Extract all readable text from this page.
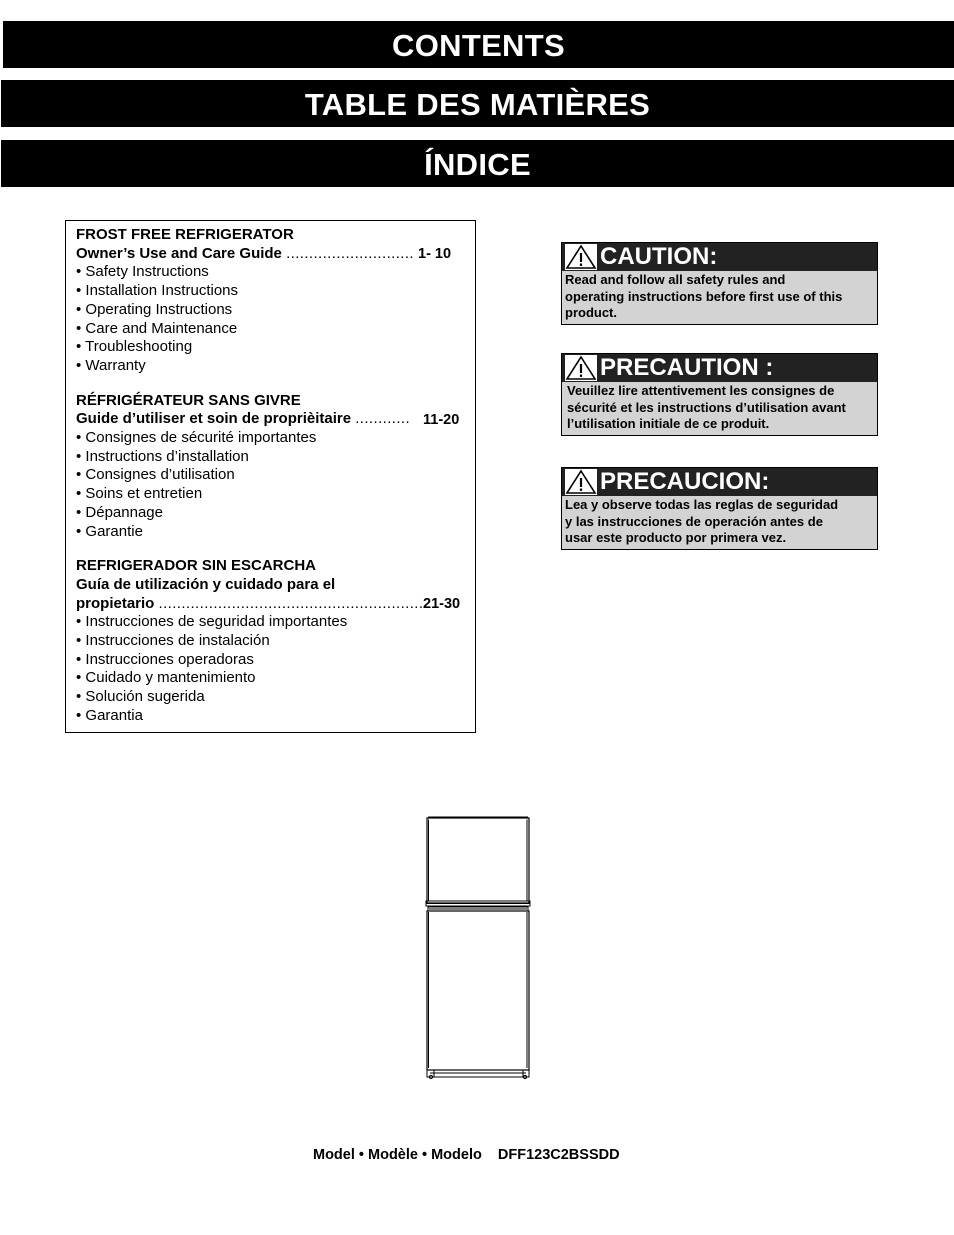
CONTENTS
TABLE DES MATIÈRES
ÍNDICE
FROST FREE REFRIGERATOR
Owner’s Use and Care Guide ............................ 1- 10
• Safety Instructions
• Installation Instructions
• Operating Instructions
• Care and Maintenance
• Troubleshooting
• Warranty
RÉFRIGÉRATEUR SANS GIVRE
Guide d’utiliser et soin de proprièitaire ............ 11-20
• Consignes de sécurité importantes
• Instructions d’installation
• Consignes d’utilisation
• Soins et entretien
• Dépannage
• Garantie
REFRIGERADOR SIN ESCARCHA
Guía de utilización y cuidado para el
propietario .......................................................... 21-30
• Instrucciones de seguridad importantes
• Instrucciones de instalación
• Instrucciones operadoras
• Cuidado y mantenimiento
• Solución sugerida
• Garantia
CAUTION:
Read and follow all safety rules and
operating instructions before first use of this
product.
PRECAUTION :
Veuillez lire attentivement les consignes de
sécurité et les instructions d’utilisation avant
l’utilisation initiale de ce produit.
PRECAUCION:
Lea y observe todas las reglas de seguridad
y las instrucciones de operación antes de
usar este producto por primera vez.
Model • Modèle • Modelo DFF123C2BSSDD
